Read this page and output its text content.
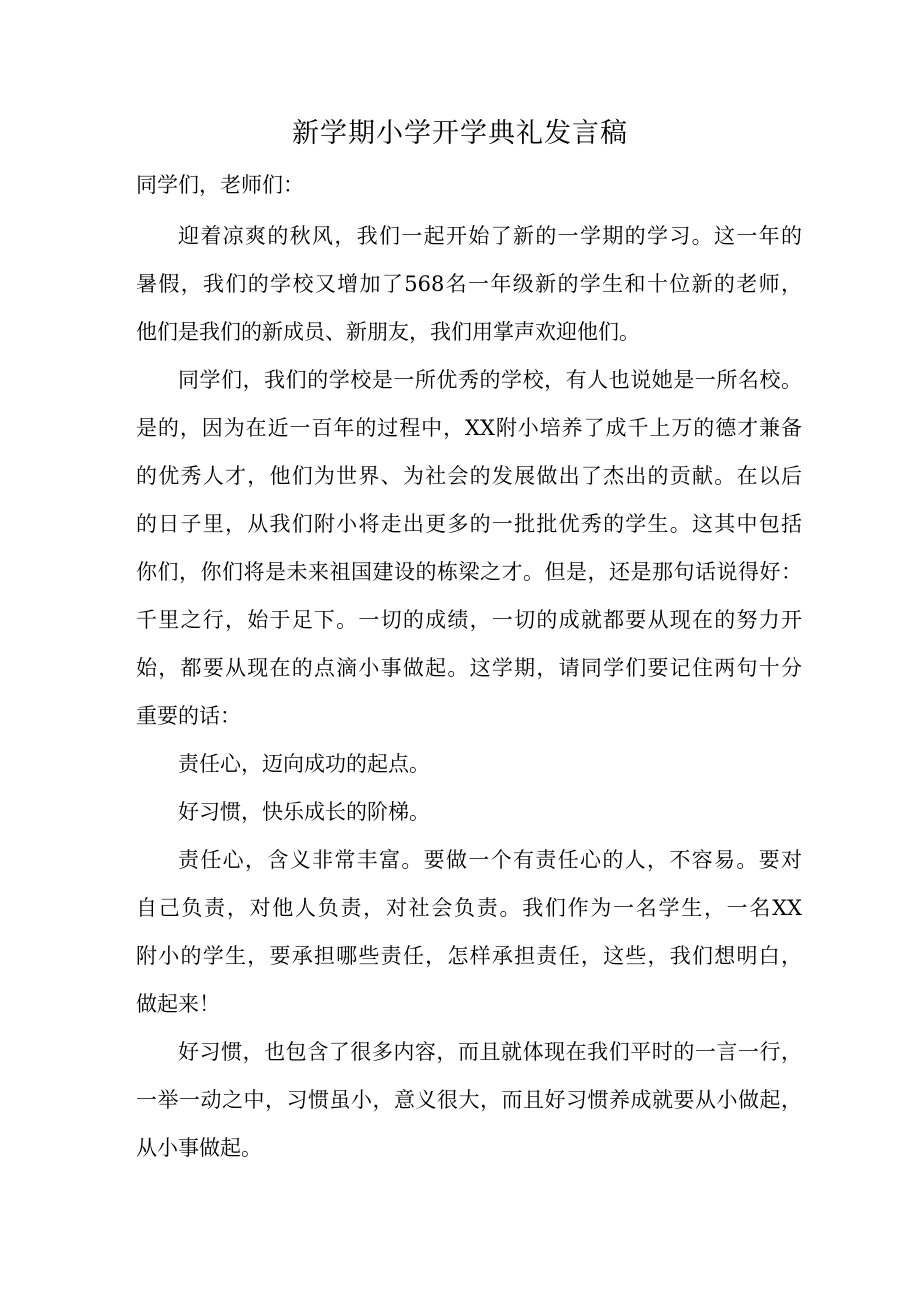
新学期小学开学典礼发言稿
同学们，老师们：

迎着凉爽的秋风，我们一起开始了新的一学期的学习。这一年的
暑假，我们的学校又增加了568名一年级新的学生和十位新的老师，
他们是我们的新成员、新朋友，我们用掌声欢迎他们。

同学们，我们的学校是一所优秀的学校，有人也说她是一所名校。
是的，因为在近一百年的过程中，XX附小培养了成千上万的德才兼备
的优秀人才，他们为世界、为社会的发展做出了杰出的贡献。在以后
的日子里，从我们附小将走出更多的一批批优秀的学生。这其中包括
你们，你们将是未来祖国建设的栋梁之才。但是，还是那句话说得好：
千里之行，始于足下。一切的成绩，一切的成就都要从现在的努力开
始，都要从现在的点滴小事做起。这学期，请同学们要记住两句十分
重要的话：

责任心，迈向成功的起点。

好习惯，快乐成长的阶梯。

责任心，含义非常丰富。要做一个有责任心的人，不容易。要对
自己负责，对他人负责，对社会负责。我们作为一名学生，一名XX
附小的学生，要承担哪些责任，怎样承担责任，这些，我们想明白，
做起来！

好习惯，也包含了很多内容，而且就体现在我们平时的一言一行，
一举一动之中，习惯虽小，意义很大，而且好习惯养成就要从小做起，
从小事做起。
